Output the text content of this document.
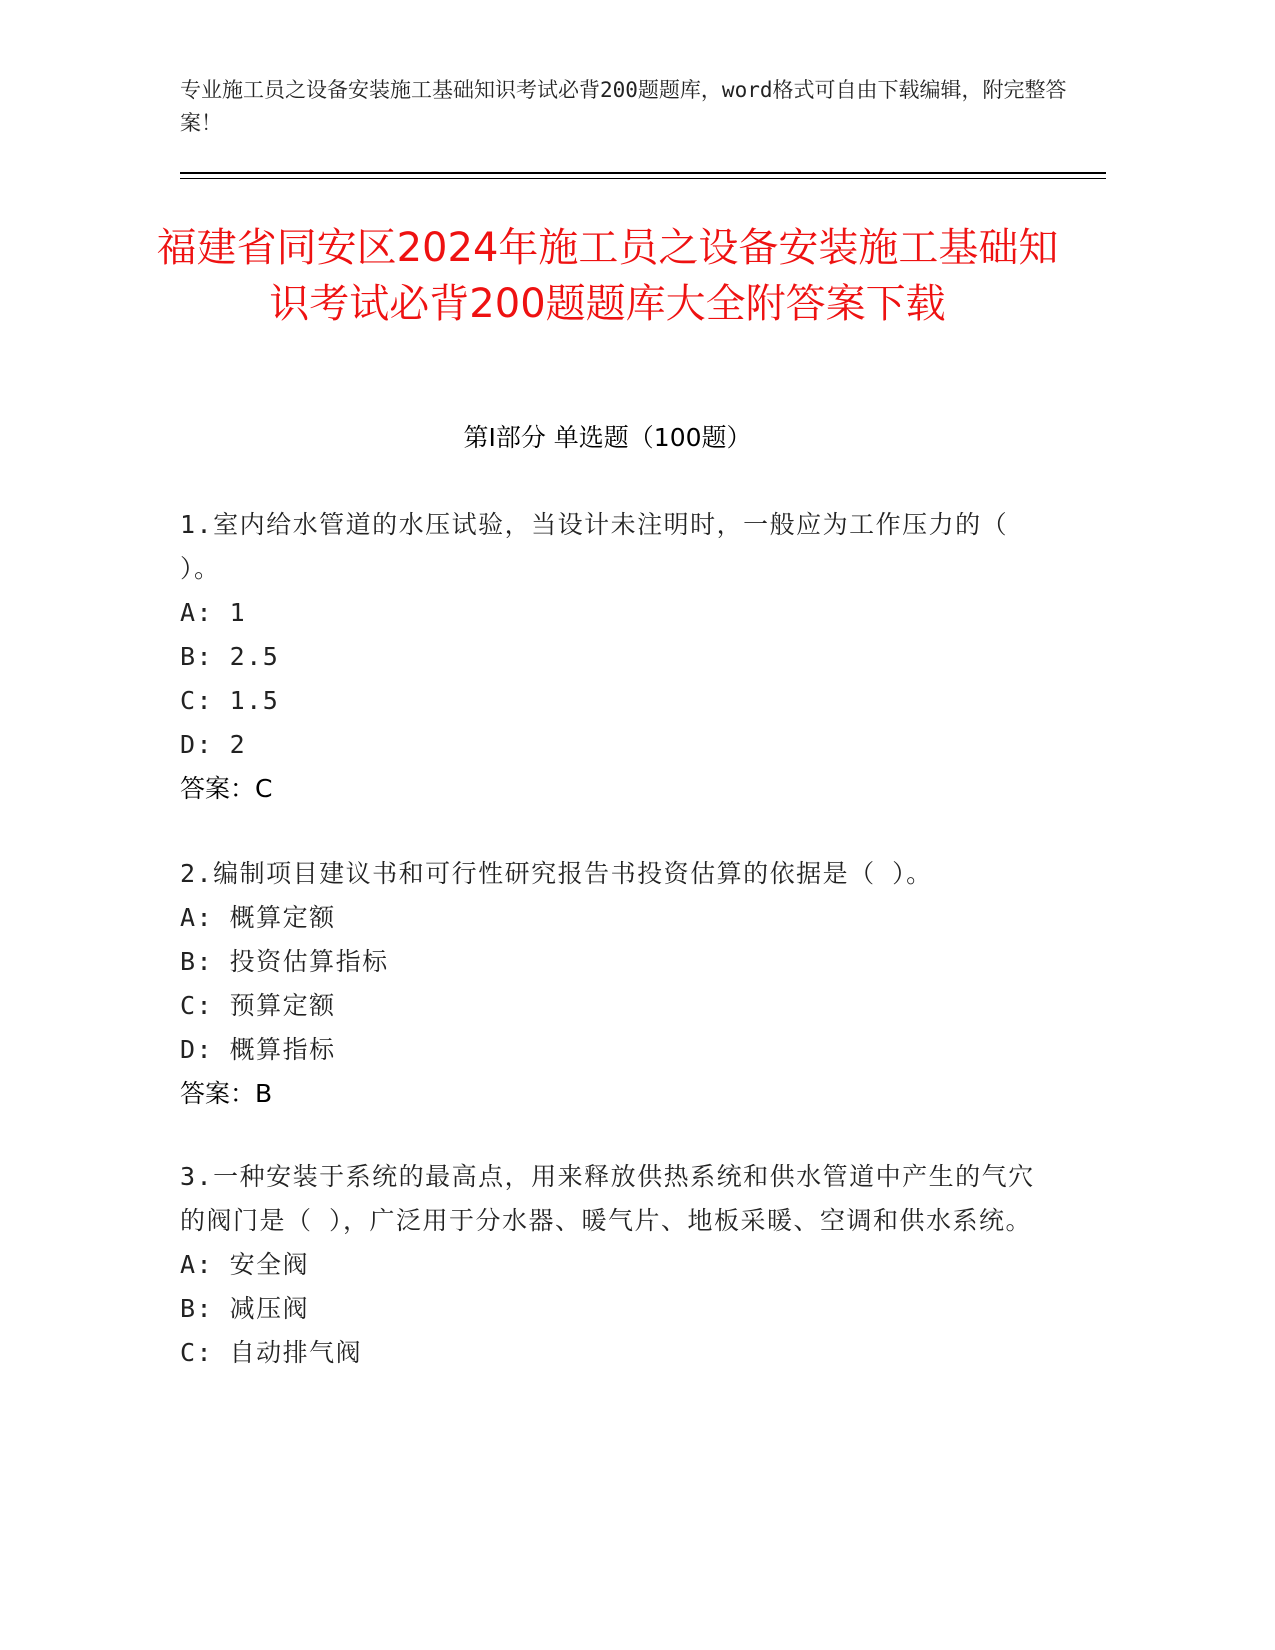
专业施工员之设备安装施工基础知识考试必背200题题库，word格式可自由下载编辑，附完整答案！
福建省同安区2024年施工员之设备安装施工基础知识考试必背200题题库大全附答案下载
第Ⅰ部分 单选题（100题）

1.室内给水管道的水压试验，当设计未注明时，一般应为工作压力的（ ）。

A: 1

B: 2.5

C: 1.5

D: 2

答案：C

2.编制项目建议书和可行性研究报告书投资估算的依据是（ ）。

A: 概算定额

B: 投资估算指标

C: 预算定额

D: 概算指标

答案：B

3.一种安装于系统的最高点，用来释放供热系统和供水管道中产生的气穴的阀门是（ ），广泛用于分水器、暖气片、地板采暖、空调和供水系统。

A: 安全阀

B: 减压阀

C: 自动排气阀
